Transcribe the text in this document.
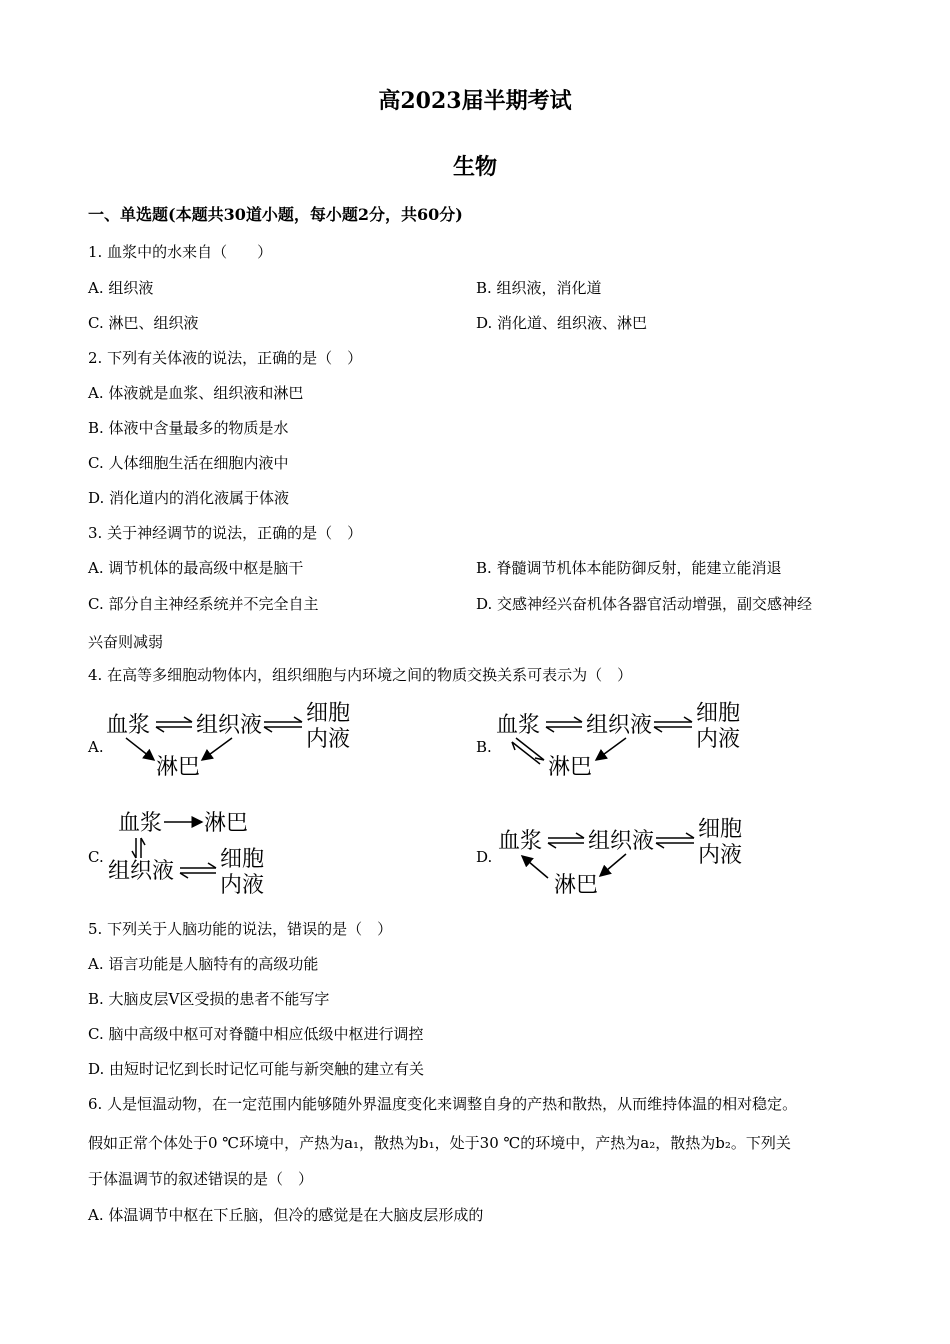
高2023届半期考试
生物
一、单选题(本题共30道小题，每小题2分，共60分)
1. 血浆中的水来自（　　）
A. 组织液	B. 组织液，消化道
C. 淋巴、组织液	D. 消化道、组织液、淋巴
2. 下列有关体液的说法，正确的是（　）
A. 体液就是血浆、组织液和淋巴
B. 体液中含量最多的物质是水
C. 人体细胞生活在细胞内液中
D. 消化道内的消化液属于体液
3. 关于神经调节的说法，正确的是（　）
A. 调节机体的最高级中枢是脑干	B. 脊髓调节机体本能防御反射，能建立能消退
C. 部分自主神经系统并不完全自主	D. 交感神经兴奋机体各器官活动增强，副交感神经
兴奋则减弱
4. 在高等多细胞动物体内，组织细胞与内环境之间的物质交换关系可表示为（　）
A.
血浆 组织液 细胞
内液
淋巴
B.
血浆 组织液 细胞
内液
淋巴
C.
血浆 淋巴
组织液 细胞
内液
D.
血浆 组织液 细胞
内液
淋巴
5. 下列关于人脑功能的说法，错误的是（　）
A. 语言功能是人脑特有的高级功能
B. 大脑皮层V区受损的患者不能写字
C. 脑中高级中枢可对脊髓中相应低级中枢进行调控
D. 由短时记忆到长时记忆可能与新突触的建立有关
6. 人是恒温动物，在一定范围内能够随外界温度变化来调整自身的产热和散热，从而维持体温的相对稳定。
假如正常个体处于0 ℃环境中，产热为a₁，散热为b₁，处于30 ℃的环境中，产热为a₂，散热为b₂。下列关
于体温调节的叙述错误的是（　）
A. 体温调节中枢在下丘脑，但冷的感觉是在大脑皮层形成的
